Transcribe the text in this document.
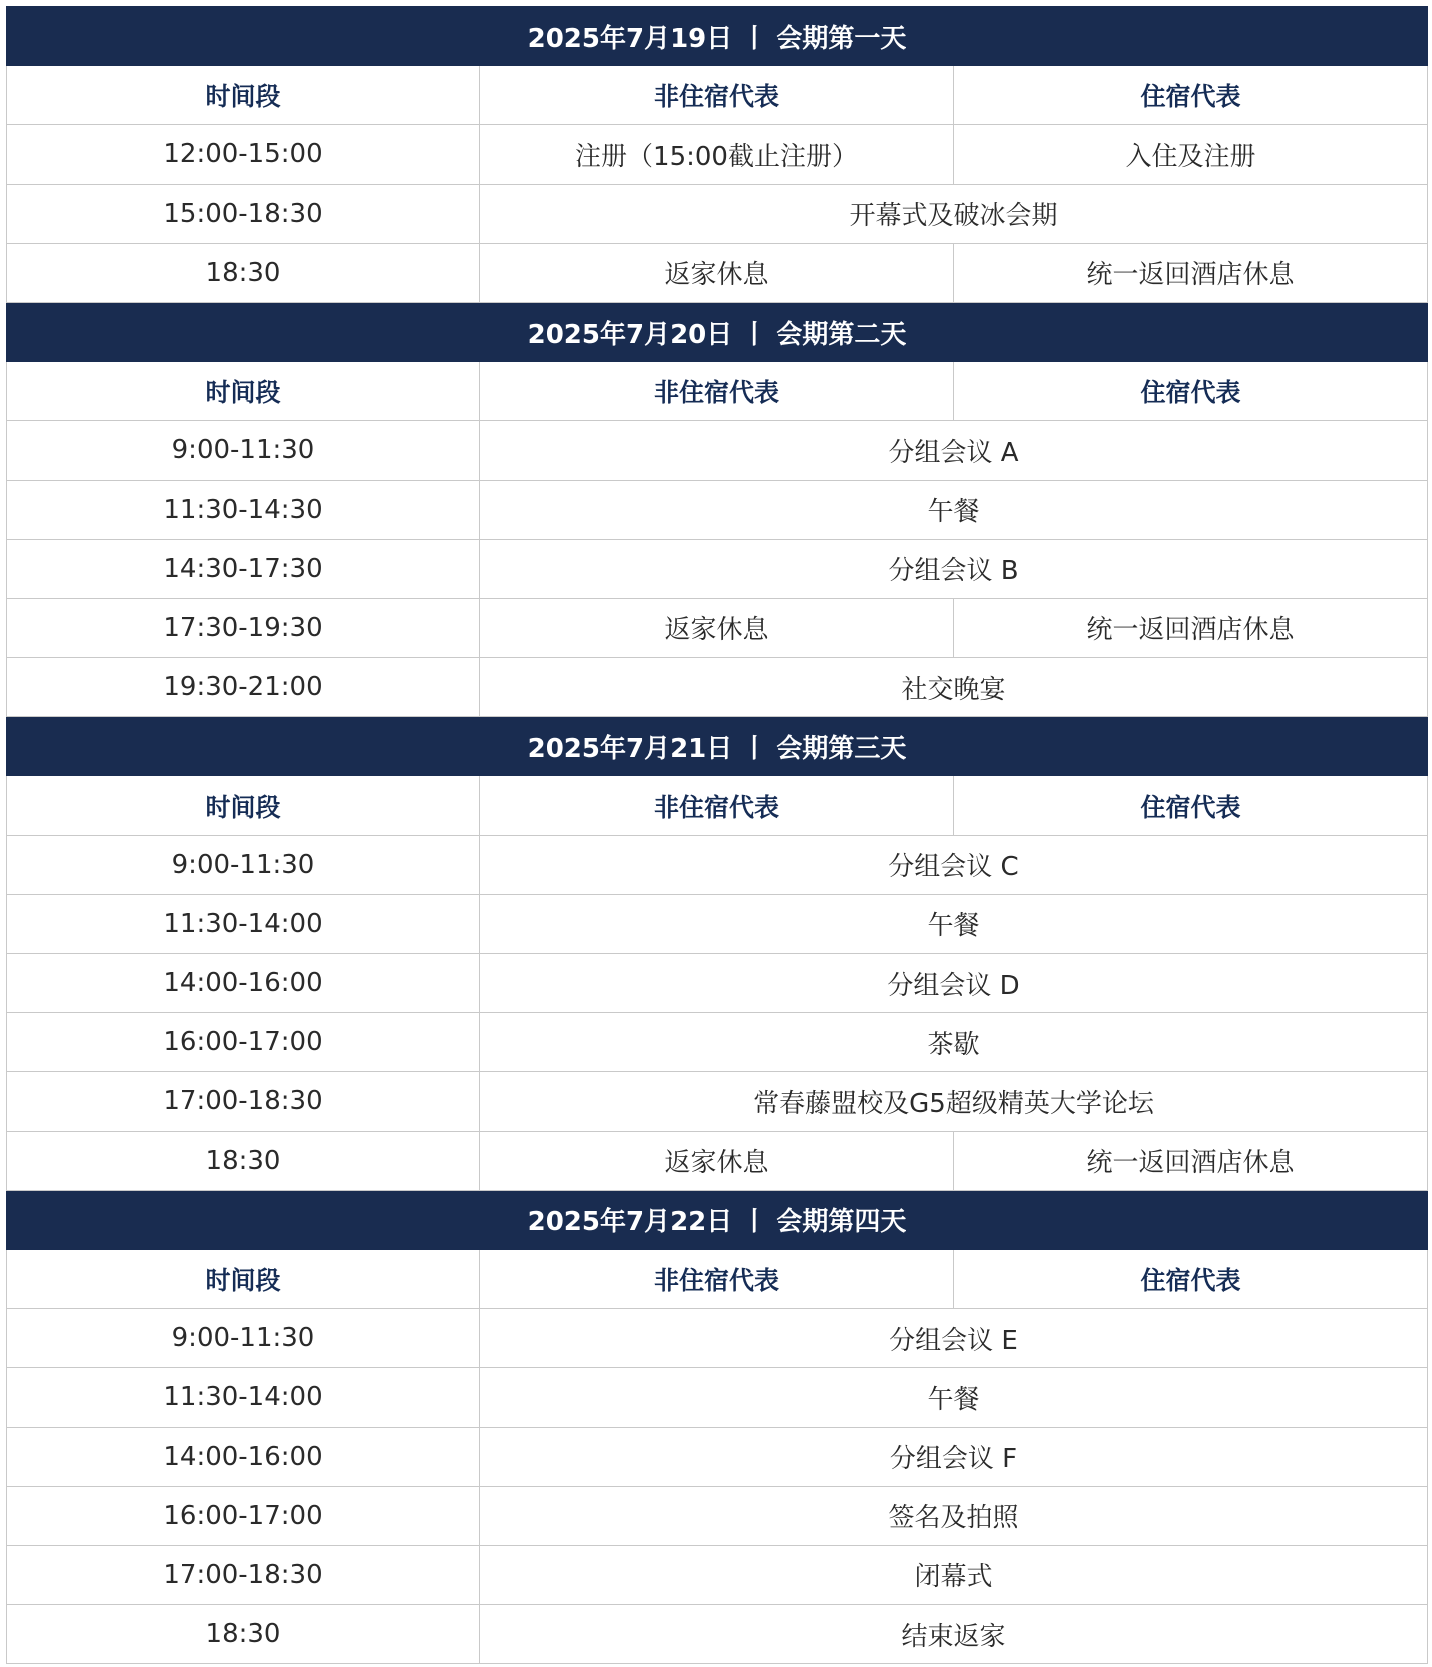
2025年7月19日 丨 会期第一天		
时间段	非住宿代表	住宿代表
12:00-15:00	注册（15:00截止注册）	入住及注册
15:00-18:30	开幕式及破冰会期	
18:30	返家休息	统一返回酒店休息
2025年7月20日 丨 会期第二天		
时间段	非住宿代表	住宿代表
9:00-11:30	分组会议 A	
11:30-14:30	午餐	
14:30-17:30	分组会议 B	
17:30-19:30	返家休息	统一返回酒店休息
19:30-21:00	社交晚宴	
2025年7月21日 丨 会期第三天		
时间段	非住宿代表	住宿代表
9:00-11:30	分组会议 C	
11:30-14:00	午餐	
14:00-16:00	分组会议 D	
16:00-17:00	茶歇	
17:00-18:30	常春藤盟校及G5超级精英大学论坛	
18:30	返家休息	统一返回酒店休息
2025年7月22日 丨 会期第四天		
时间段	非住宿代表	住宿代表
9:00-11:30	分组会议 E	
11:30-14:00	午餐	
14:00-16:00	分组会议 F	
16:00-17:00	签名及拍照	
17:00-18:30	闭幕式	
18:30	结束返家	
